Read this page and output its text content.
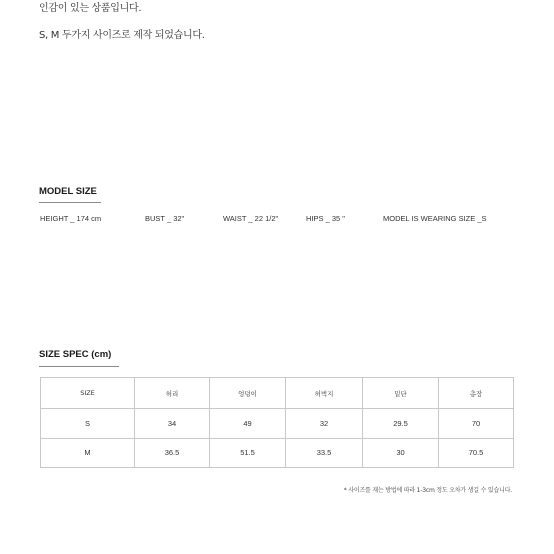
인감이 있는 상품입니다.
S, M 두가지 사이즈로 제작 되었습니다.
MODEL SIZE
HEIGHT _ 174 cm	BUST _ 32"	WAIST _ 22 1/2"	HIPS _ 35 "	MODEL IS WEARING SIZE _S
SIZE SPEC (cm)
SIZE	허리	엉덩이	허벅지	밑단	총장
S	34	49	32	29.5	70
M	36.5	51.5	33.5	30	70.5
* 사이즈를 재는 방법에 따라 1-3cm 정도 오차가 생길 수 있습니다.
